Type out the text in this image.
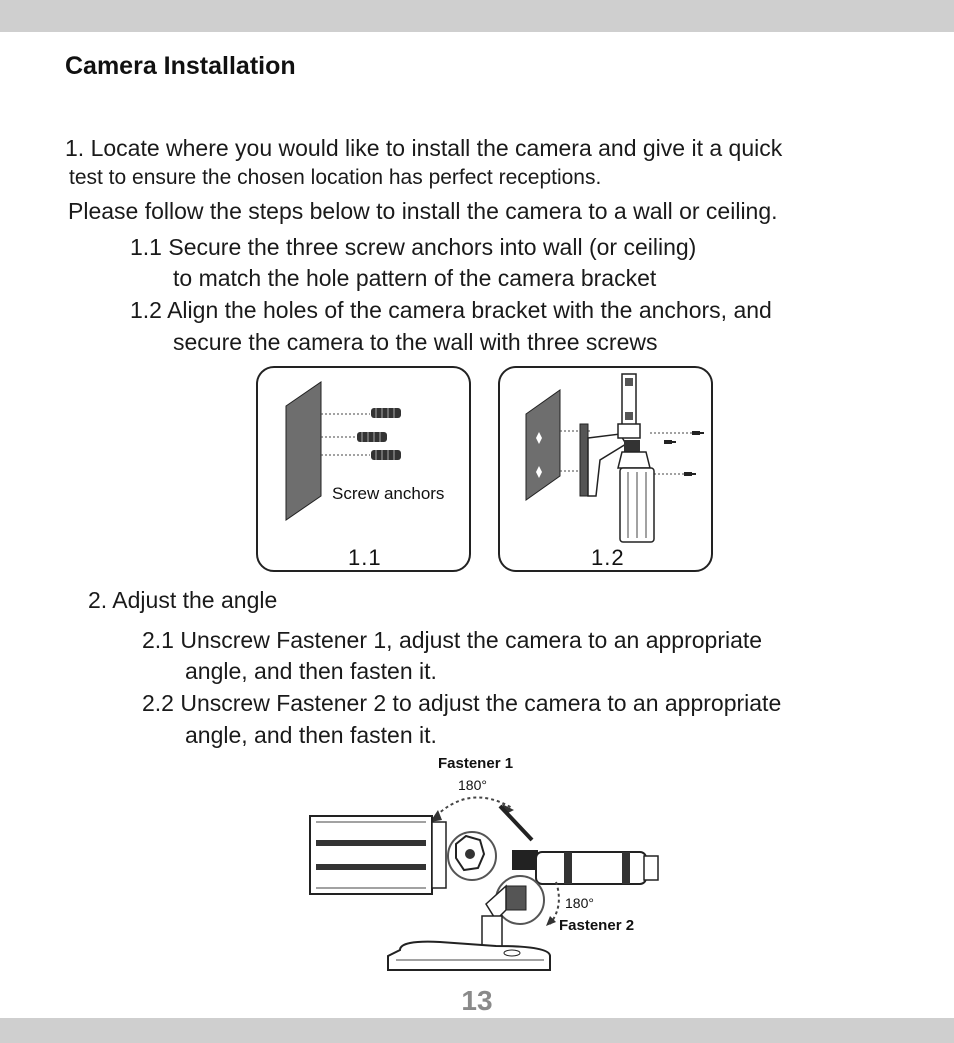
Camera Installation
1. Locate where you would like to install the camera and give it a quick
test to ensure the chosen location has perfect receptions.
Please follow the steps below to install the camera to a wall or ceiling.
1.1 Secure the three screw anchors into wall (or ceiling)
to match the hole pattern of the camera bracket
1.2 Align the holes of the camera bracket with the anchors, and
secure the camera to the wall with three screws
Screw anchors
1.1	1.2
2. Adjust the angle
2.1 Unscrew Fastener 1, adjust the camera to an appropriate
angle, and then fasten it.
2.2 Unscrew Fastener 2 to adjust the camera to an appropriate
angle, and then fasten it.
Fastener 1
180°
180°
Fastener 2
13
